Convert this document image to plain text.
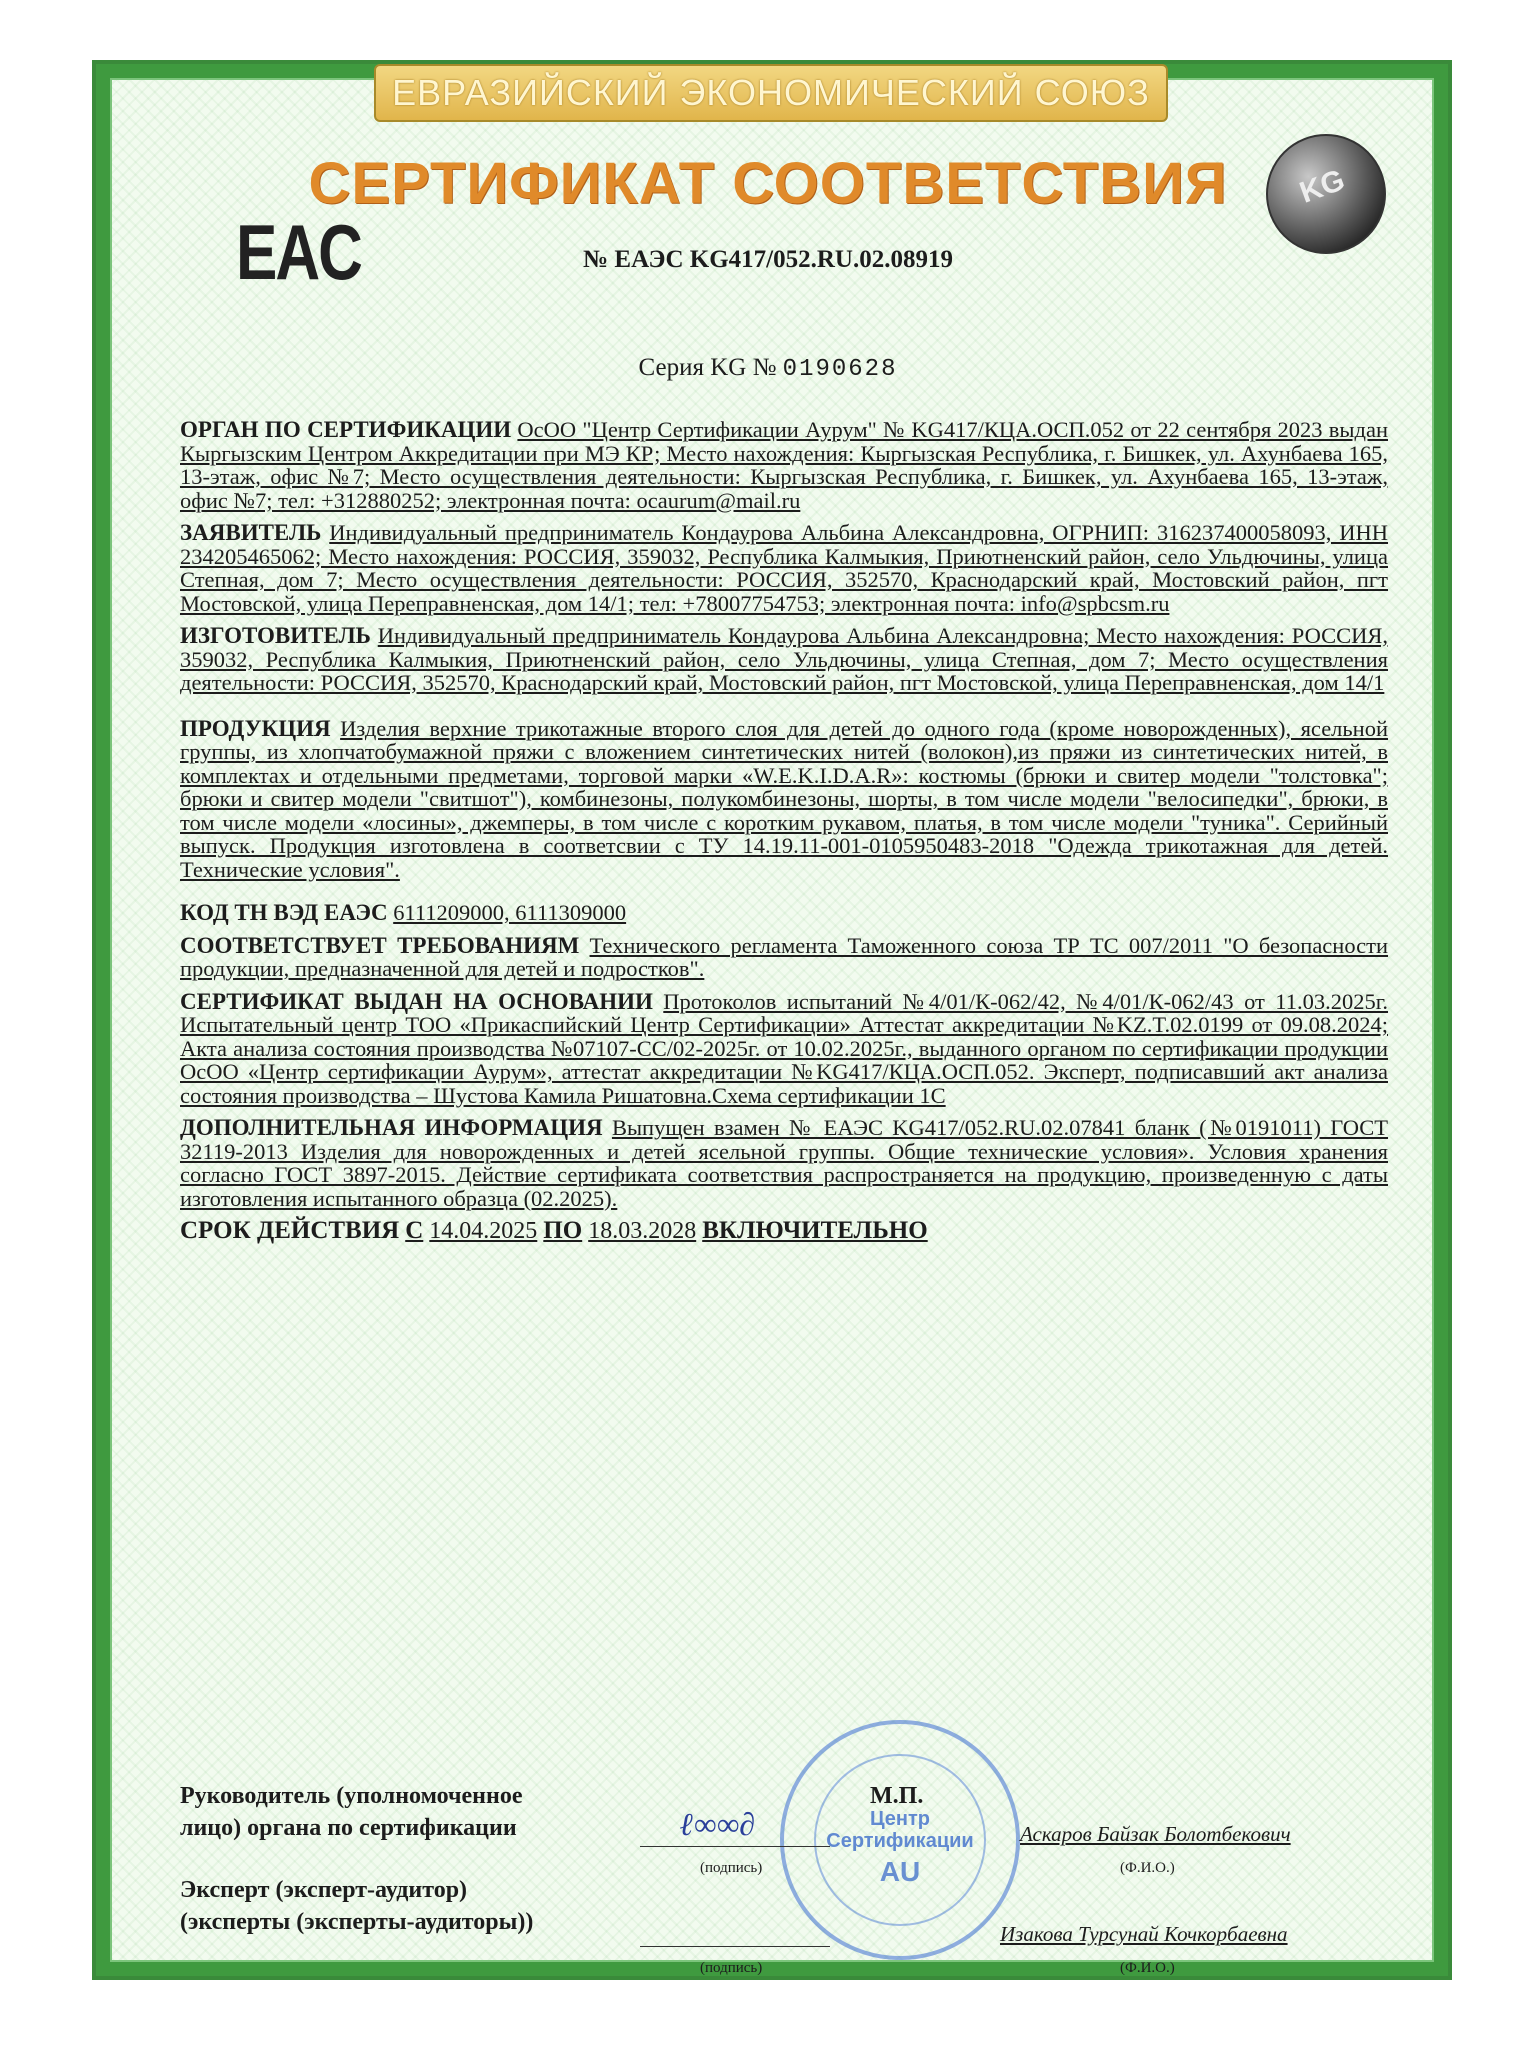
ЕВРАЗИЙСКИЙ ЭКОНОМИЧЕСКИЙ СОЮЗ
СЕРТИФИКАТ СООТВЕТСТВИЯ
EAC
KG
№ ЕАЭС KG417/052.RU.02.08919
Серия KG № 0190628

ОРГАН ПО СЕРТИФИКАЦИИ ОсОО "Центр Сертификации Аурум" № KG417/КЦА.ОСП.052 от 22 сентября 2023 выдан Кыргызским Центром Аккредитации при МЭ КР; Место нахождения: Кыргызская Республика, г. Бишкек, ул. Ахунбаева 165, 13-этаж, офис №7; Место осуществления деятельности: Кыргызская Республика, г. Бишкек, ул. Ахунбаева 165, 13-этаж, офис №7; тел: +312880252; электронная почта: ocaurum@mail.ru

ЗАЯВИТЕЛЬ Индивидуальный предприниматель Кондаурова Альбина Александровна, ОГРНИП: 316237400058093, ИНН 234205465062; Место нахождения: РОССИЯ, 359032, Республика Калмыкия, Приютненский район, село Ульдючины, улица Степная, дом 7; Место осуществления деятельности: РОССИЯ, 352570, Краснодарский край, Мостовский район, пгт Мостовской, улица Переправненская, дом 14/1; тел: +78007754753; электронная почта: info@spbcsm.ru

ИЗГОТОВИТЕЛЬ Индивидуальный предприниматель Кондаурова Альбина Александровна; Место нахождения: РОССИЯ, 359032, Республика Калмыкия, Приютненский район, село Ульдючины, улица Степная, дом 7; Место осуществления деятельности: РОССИЯ, 352570, Краснодарский край, Мостовский район, пгт Мостовской, улица Переправненская, дом 14/1

ПРОДУКЦИЯ Изделия верхние трикотажные второго слоя для детей до одного года (кроме новорожденных), ясельной группы, из хлопчатобумажной пряжи с вложением синтетических нитей (волокон),из пряжи из синтетических нитей, в комплектах и отдельными предметами, торговой марки «W.E.K.I.D.A.R»: костюмы (брюки и свитер модели "толстовка"; брюки и свитер модели "свитшот"), комбинезоны, полукомбинезоны, шорты, в том числе модели "велосипедки", брюки, в том числе модели «лосины», джемперы, в том числе с коротким рукавом, платья, в том числе модели "туника". Серийный выпуск. Продукция изготовлена в соответсвии с ТУ 14.19.11-001-0105950483-2018 "Одежда трикотажная для детей. Технические условия".

КОД ТН ВЭД ЕАЭС 6111209000, 6111309000

СООТВЕТСТВУЕТ ТРЕБОВАНИЯМ Технического регламента Таможенного союза ТР ТС 007/2011 "О безопасности продукции, предназначенной для детей и подростков".

СЕРТИФИКАТ ВЫДАН НА ОСНОВАНИИ Протоколов испытаний №4/01/К-062/42, №4/01/К-062/43 от 11.03.2025г. Испытательный центр ТОО «Прикаспийский Центр Сертификации» Аттестат аккредитации №KZ.T.02.0199 от 09.08.2024; Акта анализа состояния производства №07107-СС/02-2025г. от 10.02.2025г., выданного органом по сертификации продукции ОсОО «Центр сертификации Аурум», аттестат аккредитации №KG417/КЦА.ОСП.052. Эксперт, подписавший акт анализа состояния производства – Шустова Камила Ришатовна.Схема сертификации 1С

ДОПОЛНИТЕЛЬНАЯ ИНФОРМАЦИЯ Выпущен взамен № ЕАЭС KG417/052.RU.02.07841 бланк (№0191011) ГОСТ 32119-2013 Изделия для новорожденных и детей ясельной группы. Общие технические условия». Условия хранения согласно ГОСТ 3897-2015. Действие сертификата соответствия распространяется на продукцию, произведенную с даты изготовления испытанного образца (02.2025).

СРОК ДЕЙСТВИЯ С 14.04.2025 ПО 18.03.2028 ВКЛЮЧИТЕЛЬНО

Центр
Сертификации
AU
Руководитель (уполномоченное
лицо) органа по сертификации
Эксперт (эксперт-аудитор)
(эксперты (эксперты-аудиторы))
М.П.
ℓ∞∞∂
(подпись)
Аскаров Байзак Болотбекович
(Ф.И.О.)
(подпись)
Изакова Турсунай Кочкорбаевна
(Ф.И.О.)
